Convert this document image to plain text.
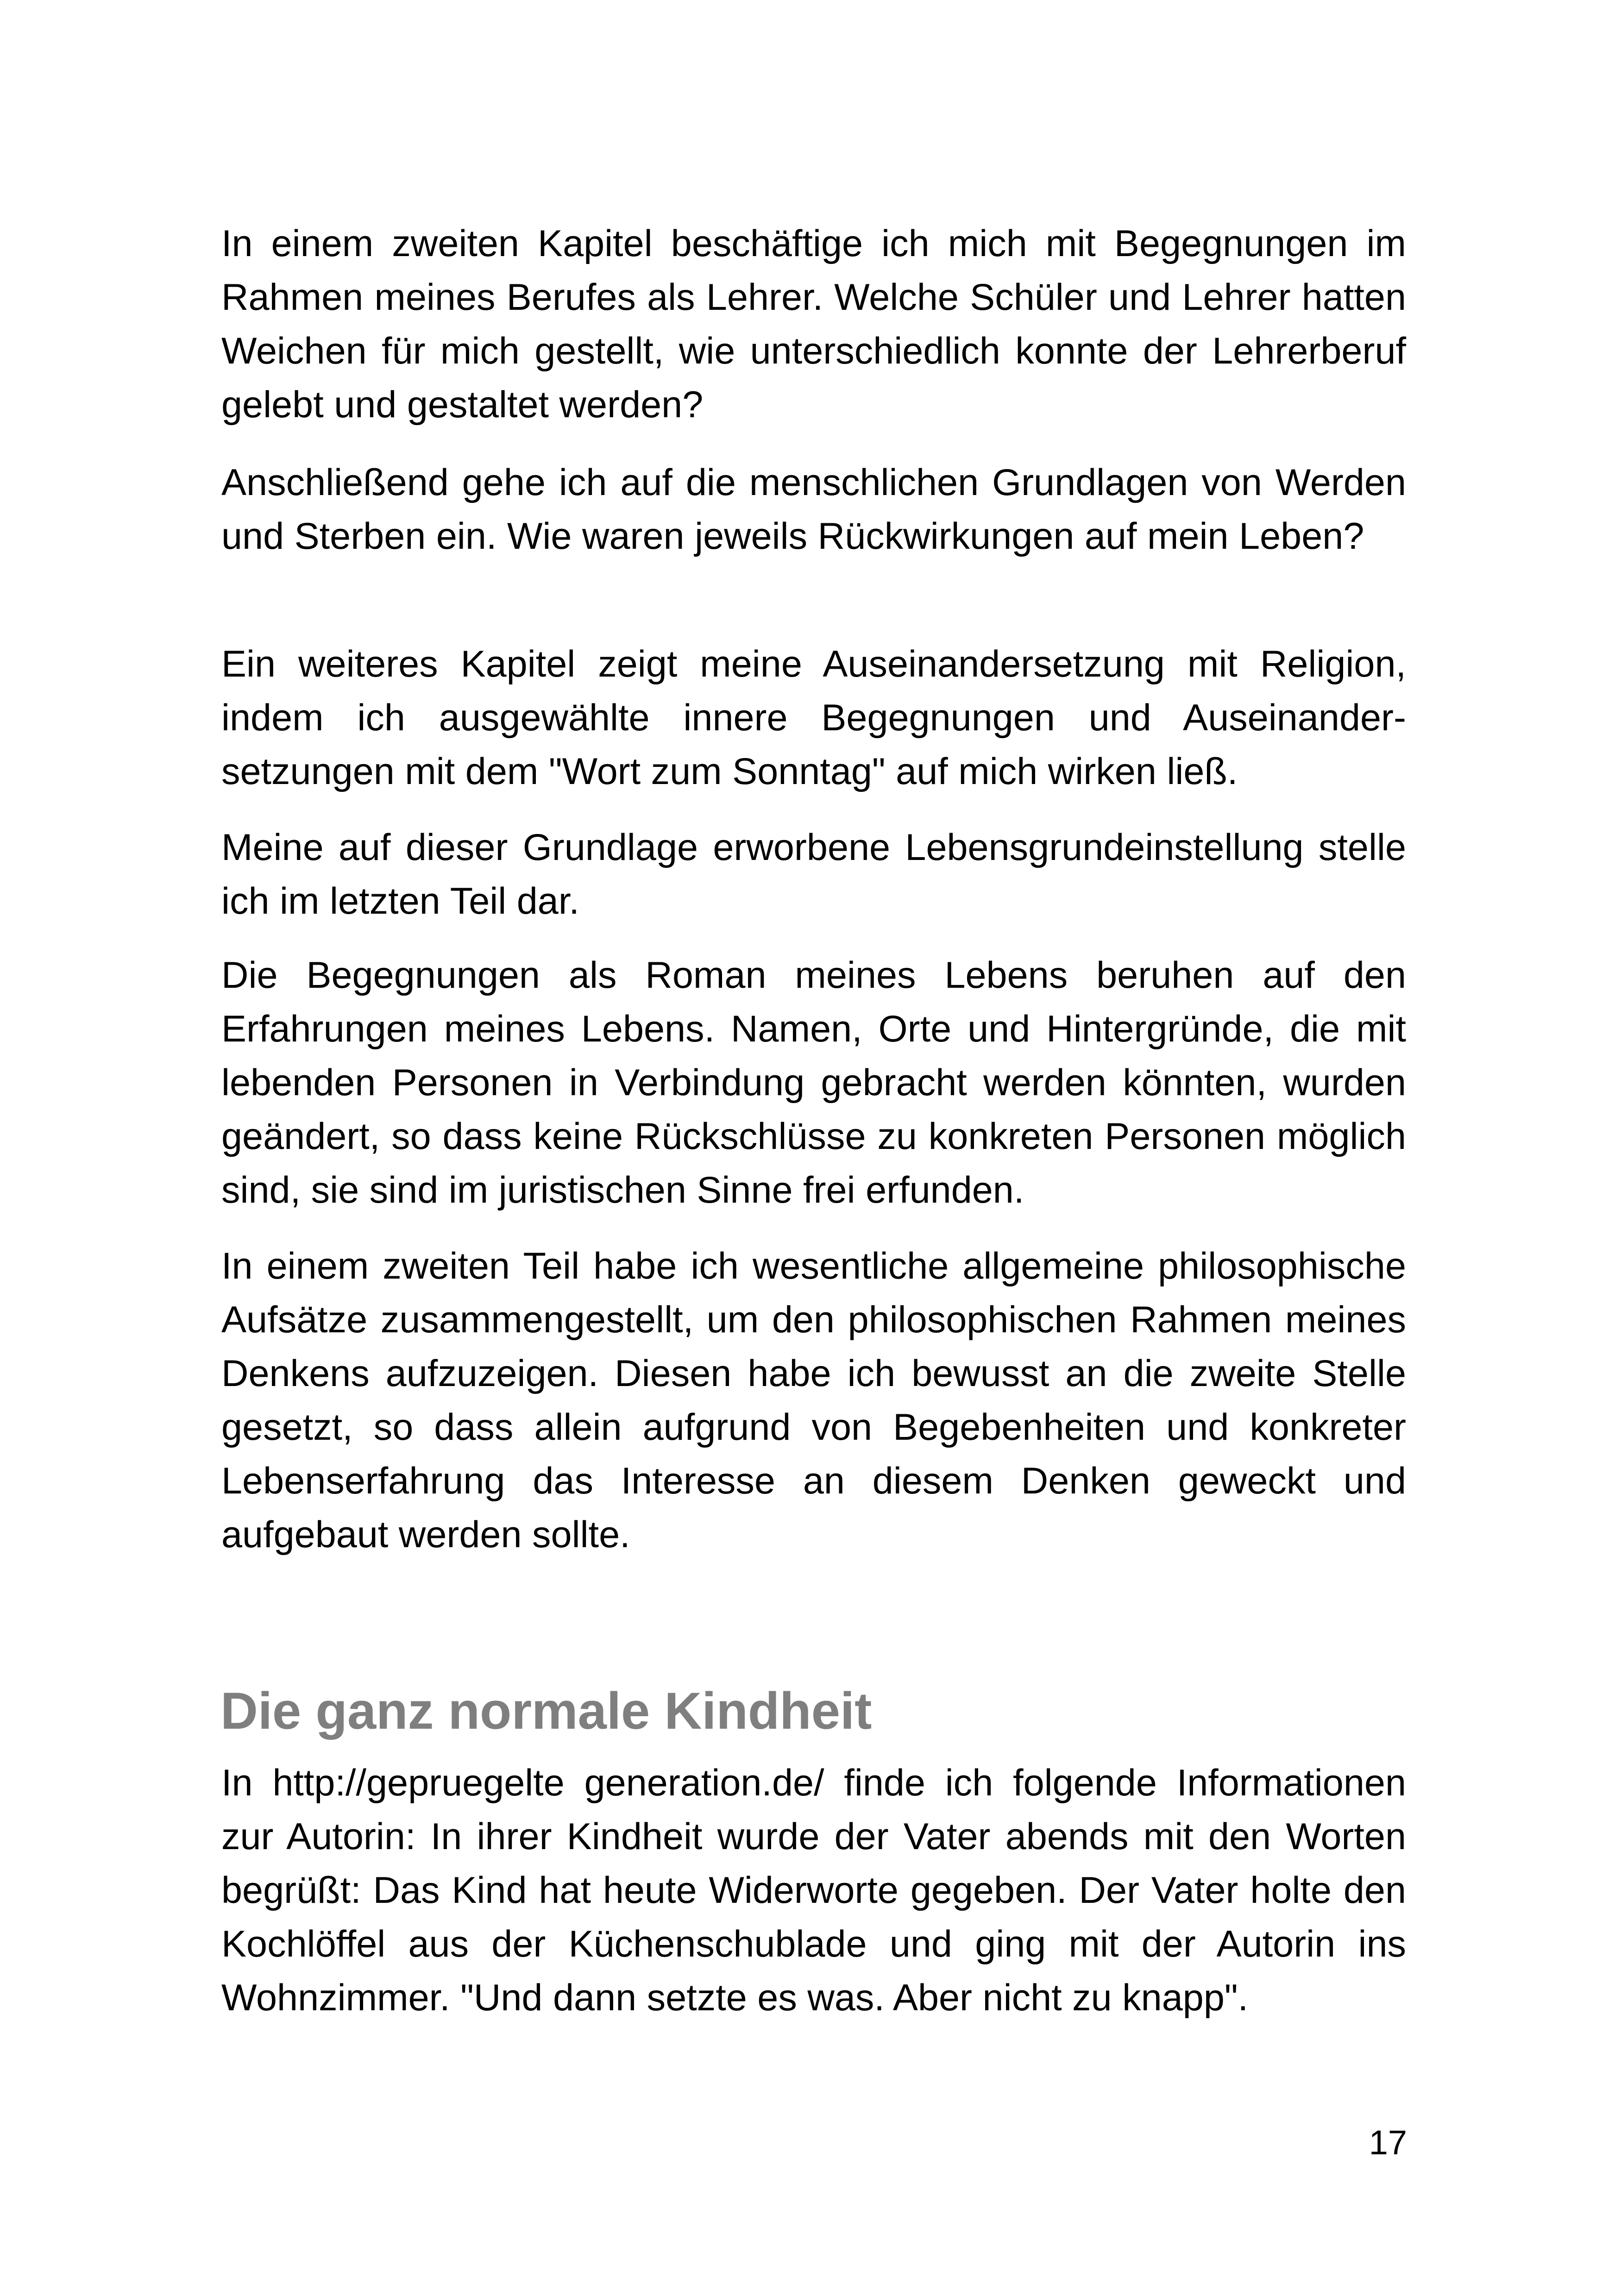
In einem zweiten Kapitel beschäftige ich mich mit Begegnungen im Rahmen meines Berufes als Lehrer. Welche Schüler und Lehrer hatten Weichen für mich gestellt, wie unterschiedlich konnte der Lehrerberuf gelebt und gestaltet werden?

Anschließend gehe ich auf die menschlichen Grundlagen von Werden und Sterben ein. Wie waren jeweils Rückwirkungen auf mein Leben?

Ein weiteres Kapitel zeigt meine Auseinandersetzung mit Religion, indem ich ausgewählte innere Begegnungen und Auseinandersetzungen mit dem "Wort zum Sonntag" auf mich wirken ließ.

Meine auf dieser Grundlage erworbene Lebensgrundeinstellung stelle ich im letzten Teil dar.

Die Begegnungen als Roman meines Lebens beruhen auf den Erfahrungen meines Lebens. Namen, Orte und Hintergründe, die mit lebenden Personen in Verbindung gebracht werden könnten, wurden geändert, so dass keine Rückschlüsse zu konkreten Personen möglich sind, sie sind im juristischen Sinne frei erfunden.

In einem zweiten Teil habe ich wesentliche allgemeine philosophische Aufsätze zusammengestellt, um den philosophischen Rahmen meines Denkens aufzuzeigen. Diesen habe ich bewusst an die zweite Stelle gesetzt, so dass allein aufgrund von Begebenheiten und konkreter Lebenserfahrung das Interesse an diesem Denken geweckt und aufgebaut werden sollte.

Die ganz normale Kindheit

In http://gepruegelte generation.de/ finde ich folgende Informationen zur Autorin: In ihrer Kindheit wurde der Vater abends mit den Worten begrüßt: Das Kind hat heute Widerworte gegeben. Der Vater holte den Kochlöffel aus der Küchenschublade und ging mit der Autorin ins Wohnzimmer. "Und dann setzte es was. Aber nicht zu knapp".

17
